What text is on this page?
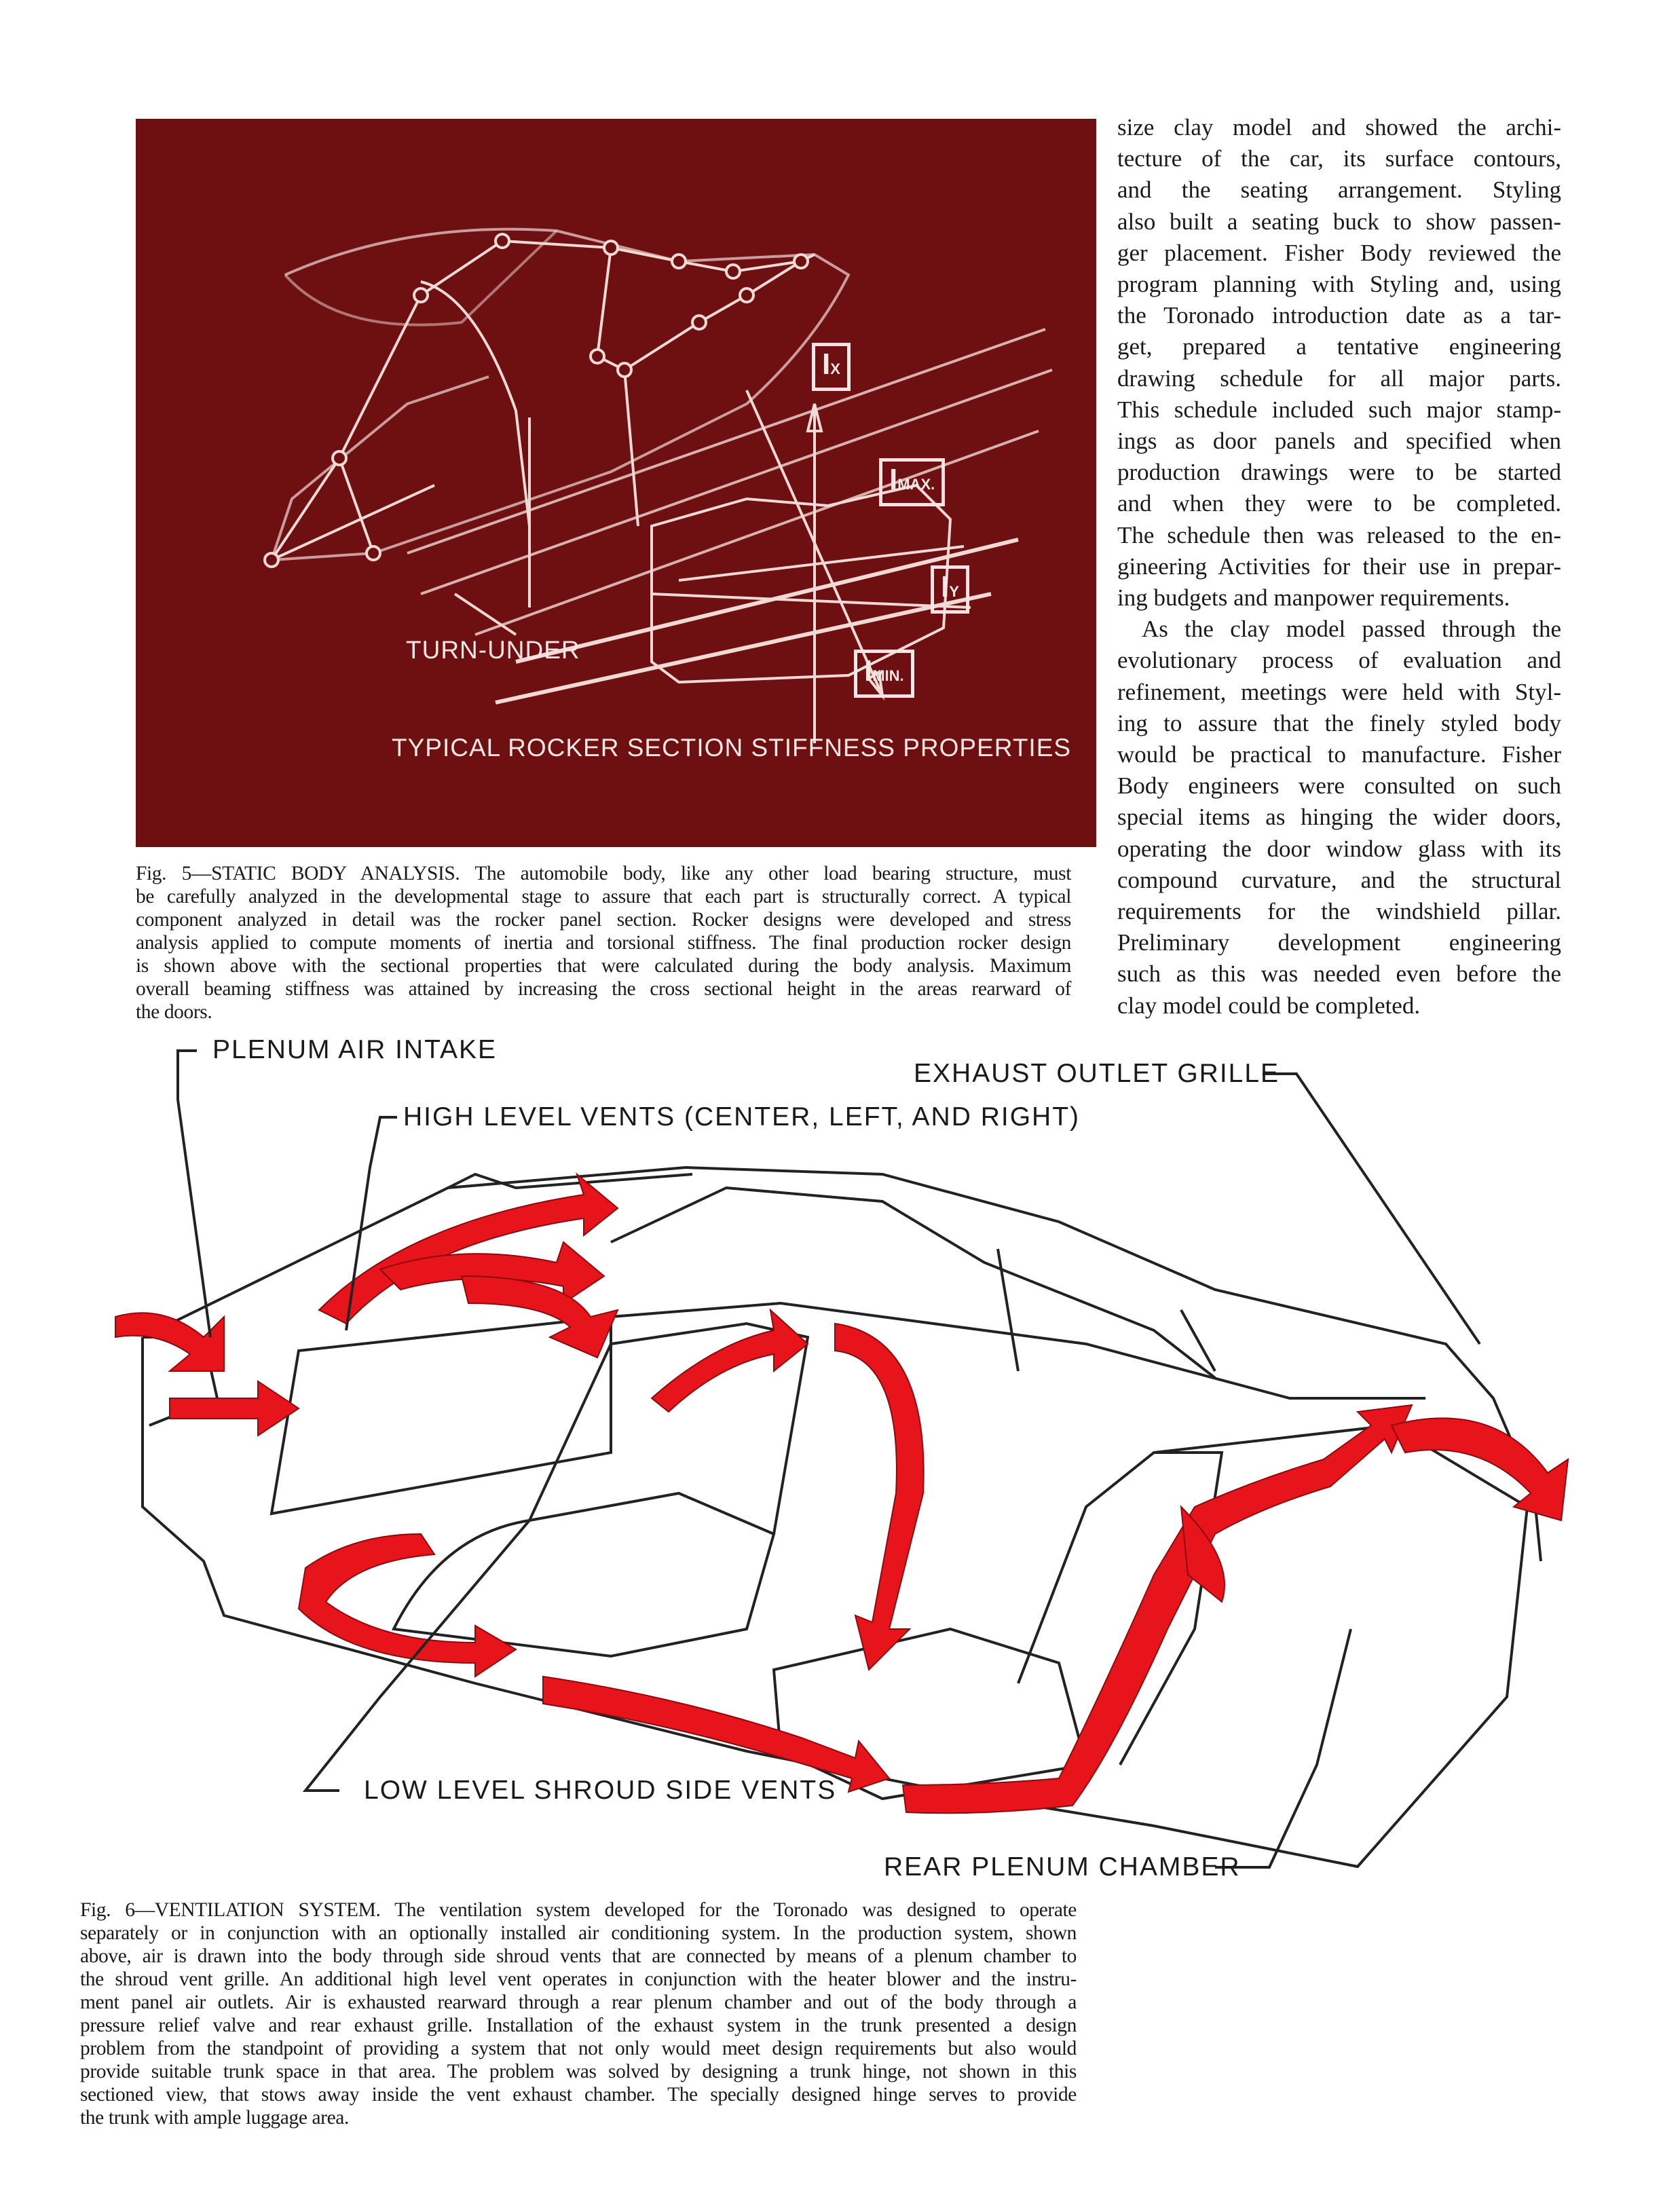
TURN-UNDER
TYPICAL ROCKER SECTION STIFFNESS PROPERTIES
IX
IMAX.
IY
IMIN.
Fig. 5—STATIC BODY ANALYSIS. The automobile body, like any other load bearing structure, must
be carefully analyzed in the developmental stage to assure that each part is structurally correct. A typical
component analyzed in detail was the rocker panel section. Rocker designs were developed and stress
analysis applied to compute moments of inertia and torsional stiffness. The final production rocker design
is shown above with the sectional properties that were calculated during the body analysis. Maximum
overall beaming stiffness was attained by increasing the cross sectional height in the areas rearward of
the doors.
size clay model and showed the archi-
tecture of the car, its surface contours,
and the seating arrangement. Styling
also built a seating buck to show passen-
ger placement. Fisher Body reviewed the
program planning with Styling and, using
the Toronado introduction date as a tar-
get, prepared a tentative engineering
drawing schedule for all major parts.
This schedule included such major stamp-
ings as door panels and specified when
production drawings were to be started
and when they were to be completed.
The schedule then was released to the en-
gineering Activities for their use in prepar-
ing budgets and manpower requirements.
As the clay model passed through the
evolutionary process of evaluation and
refinement, meetings were held with Styl-
ing to assure that the finely styled body
would be practical to manufacture. Fisher
Body engineers were consulted on such
special items as hinging the wider doors,
operating the door window glass with its
compound curvature, and the structural
requirements for the windshield pillar.
Preliminary development engineering
such as this was needed even before the
clay model could be completed.
PLENUM AIR INTAKE
EXHAUST OUTLET GRILLE
HIGH LEVEL VENTS (CENTER, LEFT, AND RIGHT)
LOW LEVEL SHROUD SIDE VENTS
REAR PLENUM CHAMBER
Fig. 6—VENTILATION SYSTEM. The ventilation system developed for the Toronado was designed to operate
separately or in conjunction with an optionally installed air conditioning system. In the production system, shown
above, air is drawn into the body through side shroud vents that are connected by means of a plenum chamber to
the shroud vent grille. An additional high level vent operates in conjunction with the heater blower and the instru-
ment panel air outlets. Air is exhausted rearward through a rear plenum chamber and out of the body through a
pressure relief valve and rear exhaust grille. Installation of the exhaust system in the trunk presented a design
problem from the standpoint of providing a system that not only would meet design requirements but also would
provide suitable trunk space in that area. The problem was solved by designing a trunk hinge, not shown in this
sectioned view, that stows away inside the vent exhaust chamber. The specially designed hinge serves to provide
the trunk with ample luggage area.
